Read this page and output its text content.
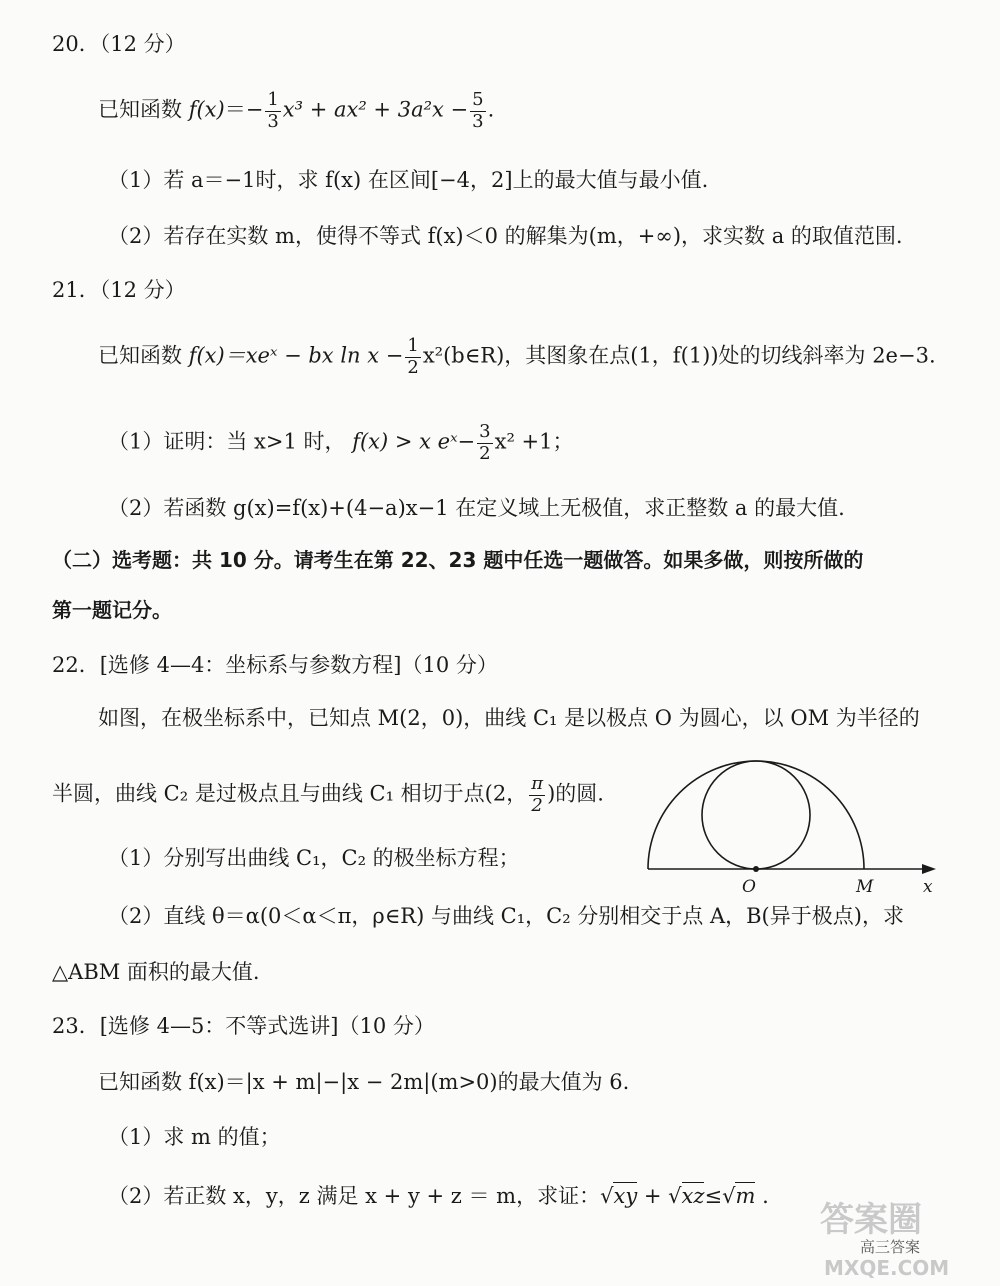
20．（12 分）
已知函数 $f(x)=- \frac{1}{3} x^3 + ax^2 + 3a^2x - \frac{5}{3}$ .
（1）若 a＝−1时，求 f(x) 在区间[−4，2]上的最大值与最小值.
（2）若存在实数 m，使得不等式 f(x)＜0 的解集为(m，+∞)，求实数 a 的取值范围.
21．（12 分）
已知函数 f(x)＝xeˣ − bx $\ln x - \frac{1}{2}$ x²(b∈R)，其图象在点(1，f(1))处的切线斜率为 2e−3.
（1）证明：当 x>1 时， f(x) > x eˣ− $\frac{3}{2} x^2 +1$；
（2）若函数 g(x)=f(x)+(4−a)x−1 在定义域上无极值，求正整数 a 的最大值.
（二）选考题：共 10 分。请考生在第 22、23 题中任选一题做答。如果多做，则按所做的
第一题记分。
22．[选修 4—4：坐标系与参数方程]（10 分）
如图，在极坐标系中，已知点 M(2，0)，曲线 C₁ 是以极点 O 为圆心，以 OM 为半径的
半圆，曲线 C₂ 是过极点且与曲线 C₁ 相切于点(2， $\frac{\pi}{2}$ )的圆.
（1）分别写出曲线 C₁，C₂ 的极坐标方程；
（2）直线 θ＝α(0＜α＜π，ρ∈R) 与曲线 C₁，C₂ 分别相交于点 A，B(异于极点)，求
△ABM 面积的最大值.
O	M	x
23．[选修 4—5：不等式选讲]（10 分）
已知函数 f(x)＝|x + m|−|x − 2m|(m>0)的最大值为 6.
（1）求 m 的值；
（2）若正数 x，y，z 满足 x + y + z ＝ m，求证：√xy + √xz≤√m .
答案圈
高三答案
MXQE.COM
